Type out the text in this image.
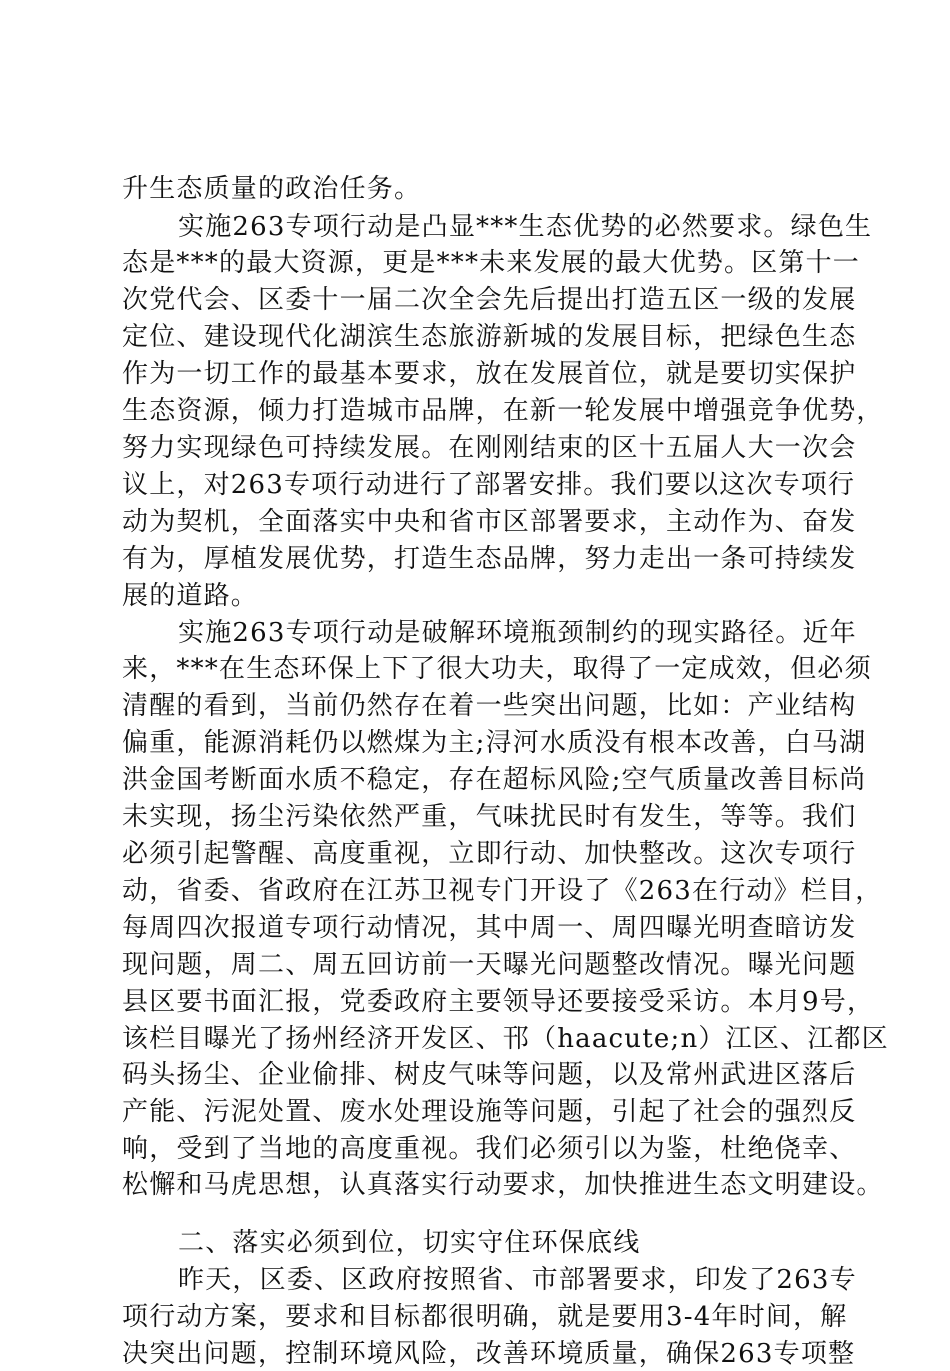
升生态质量的政治任务。
实施263专项行动是凸显***生态优势的必然要求。绿色生
态是***的最大资源，更是***未来发展的最大优势。区第十一
次党代会、区委十一届二次全会先后提出打造五区一级的发展
定位、建设现代化湖滨生态旅游新城的发展目标，把绿色生态
作为一切工作的最基本要求，放在发展首位，就是要切实保护
生态资源，倾力打造城市品牌，在新一轮发展中增强竞争优势，
努力实现绿色可持续发展。在刚刚结束的区十五届人大一次会
议上，对263专项行动进行了部署安排。我们要以这次专项行
动为契机，全面落实中央和省市区部署要求，主动作为、奋发
有为，厚植发展优势，打造生态品牌，努力走出一条可持续发
展的道路。
实施263专项行动是破解环境瓶颈制约的现实路径。近年
来，***在生态环保上下了很大功夫，取得了一定成效，但必须
清醒的看到，当前仍然存在着一些突出问题，比如：产业结构
偏重，能源消耗仍以燃煤为主;浔河水质没有根本改善，白马湖
洪金国考断面水质不稳定，存在超标风险;空气质量改善目标尚
未实现，扬尘污染依然严重，气味扰民时有发生，等等。我们
必须引起警醒、高度重视，立即行动、加快整改。这次专项行
动，省委、省政府在江苏卫视专门开设了《263在行动》栏目，
每周四次报道专项行动情况，其中周一、周四曝光明查暗访发
现问题，周二、周五回访前一天曝光问题整改情况。曝光问题
县区要书面汇报，党委政府主要领导还要接受采访。本月9号，
该栏目曝光了扬州经济开发区、邗（haacute;n）江区、江都区
码头扬尘、企业偷排、树皮气味等问题，以及常州武进区落后
产能、污泥处置、废水处理设施等问题，引起了社会的强烈反
响，受到了当地的高度重视。我们必须引以为鉴，杜绝侥幸、
松懈和马虎思想，认真落实行动要求，加快推进生态文明建设。
二、落实必须到位，切实守住环保底线
昨天，区委、区政府按照省、市部署要求，印发了263专
项行动方案，要求和目标都很明确，就是要用3-4年时间，解
决突出问题，控制环境风险，改善环境质量，确保263专项整
